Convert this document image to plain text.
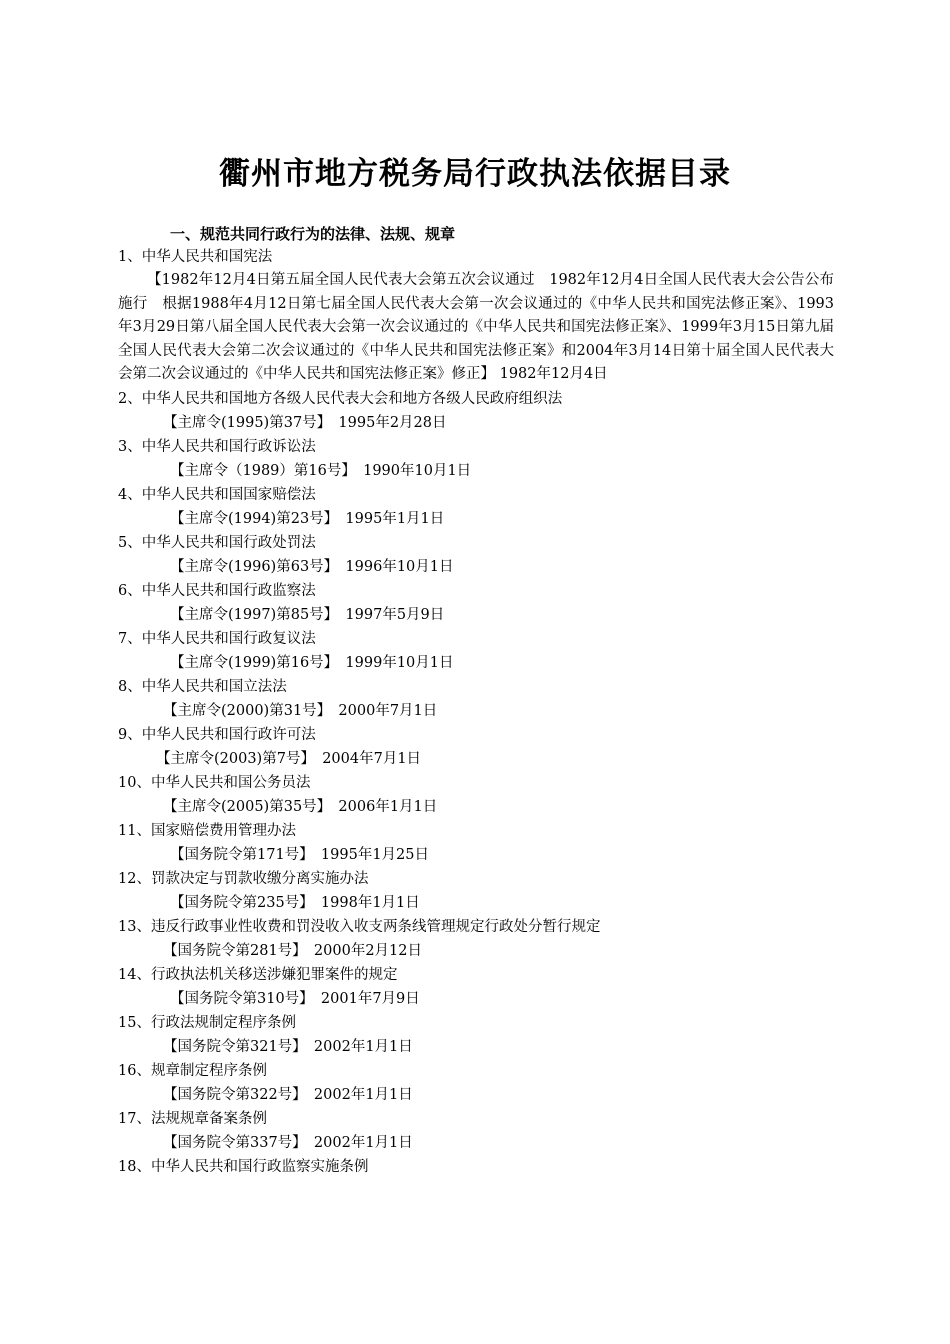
衢州市地方税务局行政执法依据目录
一、规范共同行政行为的法律、法规、规章
1、中华人民共和国宪法
【1982年12月4日第五届全国人民代表大会第五次会议通过　1982年12月4日全国人民代表大会公告公布施行　根据1988年4月12日第七届全国人民代表大会第一次会议通过的《中华人民共和国宪法修正案》、1993年3月29日第八届全国人民代表大会第一次会议通过的《中华人民共和国宪法修正案》、1999年3月15日第九届全国人民代表大会第二次会议通过的《中华人民共和国宪法修正案》和2004年3月14日第十届全国人民代表大会第二次会议通过的《中华人民共和国宪法修正案》修正】 1982年12月4日
2、中华人民共和国地方各级人民代表大会和地方各级人民政府组织法
【主席令(1995)第37号】　1995年2月28日
3、中华人民共和国行政诉讼法
【主席令（1989）第16号】　1990年10月1日
4、中华人民共和国国家赔偿法
【主席令(1994)第23号】　1995年1月1日
5、中华人民共和国行政处罚法
【主席令(1996)第63号】　1996年10月1日
6、中华人民共和国行政监察法
【主席令(1997)第85号】　1997年5月9日
7、中华人民共和国行政复议法
【主席令(1999)第16号】　1999年10月1日
8、中华人民共和国立法法
【主席令(2000)第31号】　2000年7月1日
9、中华人民共和国行政许可法
【主席令(2003)第7号】　2004年7月1日
10、中华人民共和国公务员法
【主席令(2005)第35号】　2006年1月1日
11、国家赔偿费用管理办法
【国务院令第171号】　1995年1月25日
12、罚款决定与罚款收缴分离实施办法
【国务院令第235号】　1998年1月1日
13、违反行政事业性收费和罚没收入收支两条线管理规定行政处分暂行规定
【国务院令第281号】　2000年2月12日
14、行政执法机关移送涉嫌犯罪案件的规定
【国务院令第310号】　2001年7月9日
15、行政法规制定程序条例
【国务院令第321号】　2002年1月1日
16、规章制定程序条例
【国务院令第322号】　2002年1月1日
17、法规规章备案条例
【国务院令第337号】　2002年1月1日
18、中华人民共和国行政监察实施条例
